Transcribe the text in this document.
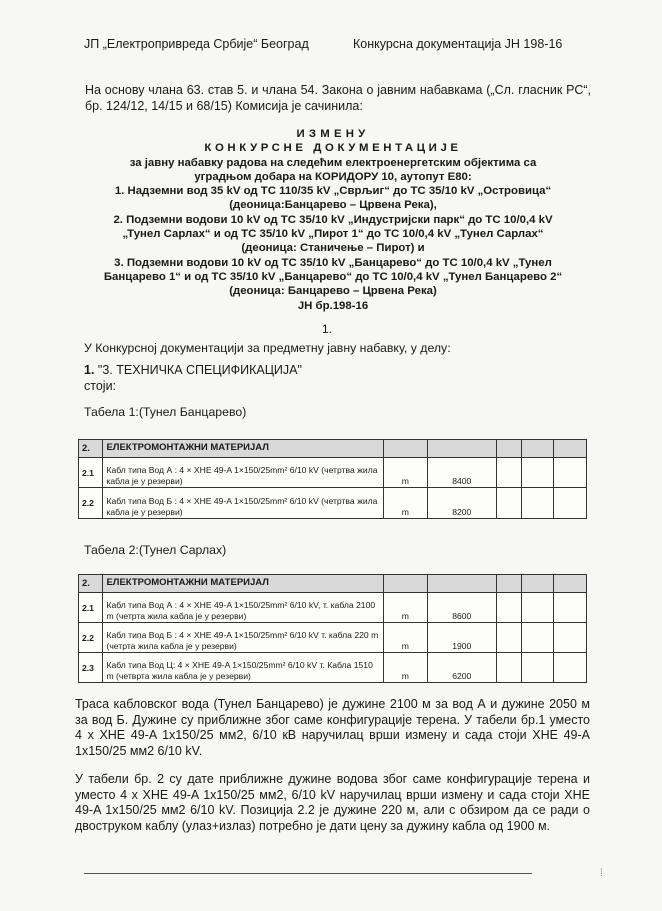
ЈП „Електропривреда Србије“ Београд	Конкурсна документација ЈН 198-16
На основу члана 63. став 5. и члана 54. Закона о јавним набавкама („Сл. гласник РС“, бр. 124/12, 14/15 и 68/15) Комисија је сачинила:
ИЗМЕНУ
КОНКУРСНЕ ДОКУМЕНТАЦИЈЕ
за јавну набавку радова на следећим електроенергетским објектима са
уградњом добара на КОРИДОРУ 10, аутопут Е80:
1. Надземни вод 35 kV од ТС 110/35 kV „Сврљиг“ до ТС 35/10 kV „Островица“
(деоница:Банцарево – Црвена Река),
2. Подземни водови 10 kV од ТС 35/10 kV „Индустријски парк“ до ТС 10/0,4 kV
„Тунел Сарлах“ и од ТС 35/10 kV „Пирот 1“ до ТС 10/0,4 kV „Тунел Сарлах“
(деоница: Станичење – Пирот) и
3. Подземни водови 10 kV од ТС 35/10 kV „Банцарево“ до ТС 10/0,4 kV „Тунел
Банцарево 1“ и од ТС 35/10 kV „Банцарево“ до ТС 10/0,4 kV „Тунел Банцарево 2“
(деоница: Банцарево – Црвена Река)
ЈН бр.198-16
1.
У Конкурсној документацији за предметну јавну набавку, у делу:
1. "3. ТЕХНИЧКА СПЕЦИФИКАЦИЈА"
стоји:
Табела 1:(Тунел Банцарево)
2.	ЕЛЕКТРОМОНТАЖНИ МАТЕРИЈАЛ					
2.1	Кабл типа Вод А : 4 × XHE 49-A 1×150/25mm² 6/10 kV (четртва жила кабла је у резерви)	m	8400			
2.2	Кабл типа Вод Б : 4 × XHE 49-A 1×150/25mm² 6/10 kV (четртва жила кабла је у резерви)	m	8200			
Табела 2:(Тунел Сарлах)
2.	ЕЛЕКТРОМОНТАЖНИ МАТЕРИЈАЛ					
2.1	Кабл типа Вод А : 4 × XHE 49-A 1×150/25mm² 6/10 kV, т. кабла 2100 m (четрта жила кабла је у резерви)	m	8600			
2.2	Кабл типа Вод Б : 4 × XHE 49-A 1×150/25mm² 6/10 kV т. кабла 220 m (четрта жила кабла је у резерви)	m	1900			
2.3	Кабл типа Вод Ц: 4 × XHE 49-A 1×150/25mm² 6/10 kV т. Кабла 1510 m (четврта жила кабла је у резерви)	m	6200			
Траса кабловског вода (Тунел Банцарево) је дужине 2100 м за вод А и дужине 2050 м за вод Б. Дужине су приближне због саме конфигурације терена. У табели бр.1 уместо 4 х XHE 49-A 1х150/25 мм2, 6/10 кВ наручилац врши измену и сада стоји XHE 49-A 1х150/25 мм2 6/10 kV.
У табели бр. 2 су дате приближне дужине водова због саме конфигурације терена и уместо 4 х XHE 49-A 1х150/25 мм2, 6/10 kV наручилац врши измену и сада стоји XHE 49-A 1х150/25 мм2 6/10 kV. Позиција 2.2 је дужине 220 м, али с обзиром да се ради о двоструком каблу (улаз+излаз) потребно је дати цену за дужину кабла од 1900 м.
⁞
